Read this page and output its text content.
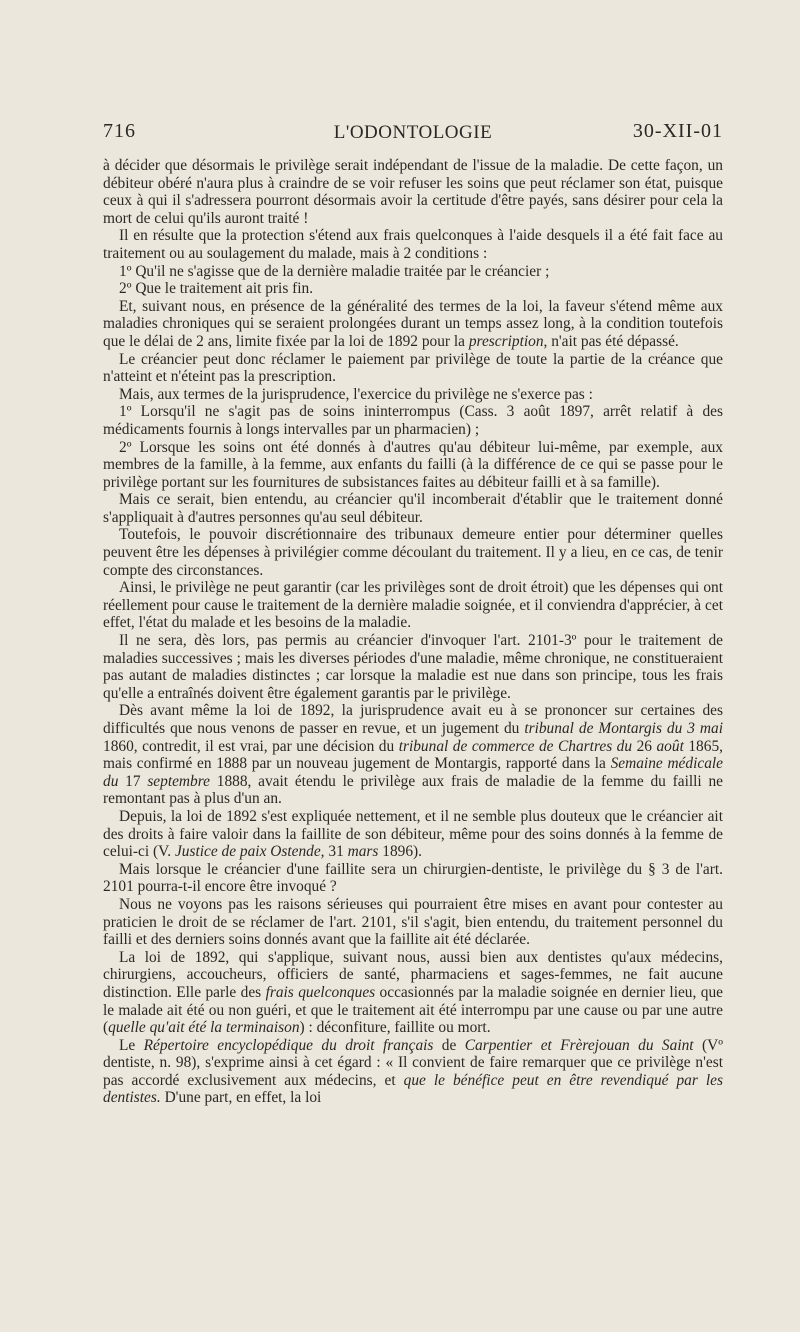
716	L'ODONTOLOGIE	30-XII-01

à décider que désormais le privilège serait indépendant de l'issue de la maladie. De cette façon, un débiteur obéré n'aura plus à craindre de se voir refuser les soins que peut réclamer son état, puisque ceux à qui il s'adressera pourront désormais avoir la certitude d'être payés, sans désirer pour cela la mort de celui qu'ils auront traité !

Il en résulte que la protection s'étend aux frais quelconques à l'aide desquels il a été fait face au traitement ou au soulagement du malade, mais à 2 conditions :

1º Qu'il ne s'agisse que de la dernière maladie traitée par le créancier ;

2º Que le traitement ait pris fin.

Et, suivant nous, en présence de la généralité des termes de la loi, la faveur s'étend même aux maladies chroniques qui se seraient prolongées durant un temps assez long, à la condition toutefois que le délai de 2 ans, limite fixée par la loi de 1892 pour la prescription, n'ait pas été dépassé.

Le créancier peut donc réclamer le paiement par privilège de toute la partie de la créance que n'atteint et n'éteint pas la prescription.

Mais, aux termes de la jurisprudence, l'exercice du privilège ne s'exerce pas :

1º Lorsqu'il ne s'agit pas de soins ininterrompus (Cass. 3 août 1897, arrêt relatif à des médicaments fournis à longs intervalles par un pharmacien) ;

2º Lorsque les soins ont été donnés à d'autres qu'au débiteur lui-même, par exemple, aux membres de la famille, à la femme, aux enfants du failli (à la différence de ce qui se passe pour le privilège portant sur les fournitures de subsistances faites au débiteur failli et à sa famille).

Mais ce serait, bien entendu, au créancier qu'il incomberait d'établir que le traitement donné s'appliquait à d'autres personnes qu'au seul débiteur.

Toutefois, le pouvoir discrétionnaire des tribunaux demeure entier pour déterminer quelles peuvent être les dépenses à privilégier comme découlant du traitement. Il y a lieu, en ce cas, de tenir compte des circonstances.

Ainsi, le privilège ne peut garantir (car les privilèges sont de droit étroit) que les dépenses qui ont réellement pour cause le traitement de la dernière maladie soignée, et il conviendra d'apprécier, à cet effet, l'état du malade et les besoins de la maladie.

Il ne sera, dès lors, pas permis au créancier d'invoquer l'art. 2101-3º pour le traitement de maladies successives ; mais les diverses périodes d'une maladie, même chronique, ne constitueraient pas autant de maladies distinctes ; car lorsque la maladie est nue dans son principe, tous les frais qu'elle a entraînés doivent être également garantis par le privilège.

Dès avant même la loi de 1892, la jurisprudence avait eu à se prononcer sur certaines des difficultés que nous venons de passer en revue, et un jugement du tribunal de Montargis du 3 mai 1860, contredit, il est vrai, par une décision du tribunal de commerce de Chartres du 26 août 1865, mais confirmé en 1888 par un nouveau jugement de Montargis, rapporté dans la Semaine médicale du 17 septembre 1888, avait étendu le privilège aux frais de maladie de la femme du failli ne remontant pas à plus d'un an.

Depuis, la loi de 1892 s'est expliquée nettement, et il ne semble plus douteux que le créancier ait des droits à faire valoir dans la faillite de son débiteur, même pour des soins donnés à la femme de celui-ci (V. Justice de paix Ostende, 31 mars 1896).

Mais lorsque le créancier d'une faillite sera un chirurgien-dentiste, le privilège du § 3 de l'art. 2101 pourra-t-il encore être invoqué ?

Nous ne voyons pas les raisons sérieuses qui pourraient être mises en avant pour contester au praticien le droit de se réclamer de l'art. 2101, s'il s'agit, bien entendu, du traitement personnel du failli et des derniers soins donnés avant que la faillite ait été déclarée.

La loi de 1892, qui s'applique, suivant nous, aussi bien aux dentistes qu'aux médecins, chirurgiens, accoucheurs, officiers de santé, pharmaciens et sages-femmes, ne fait aucune distinction. Elle parle des frais quelconques occasionnés par la maladie soignée en dernier lieu, que le malade ait été ou non guéri, et que le traitement ait été interrompu par une cause ou par une autre (quelle qu'ait été la terminaison) : déconfiture, faillite ou mort.

Le Répertoire encyclopédique du droit français de Carpentier et Frèrejouan du Saint (Vº dentiste, n. 98), s'exprime ainsi à cet égard : « Il convient de faire remarquer que ce privilège n'est pas accordé exclusivement aux médecins, et que le bénéfice peut en être revendiqué par les dentistes. D'une part, en effet, la loi
